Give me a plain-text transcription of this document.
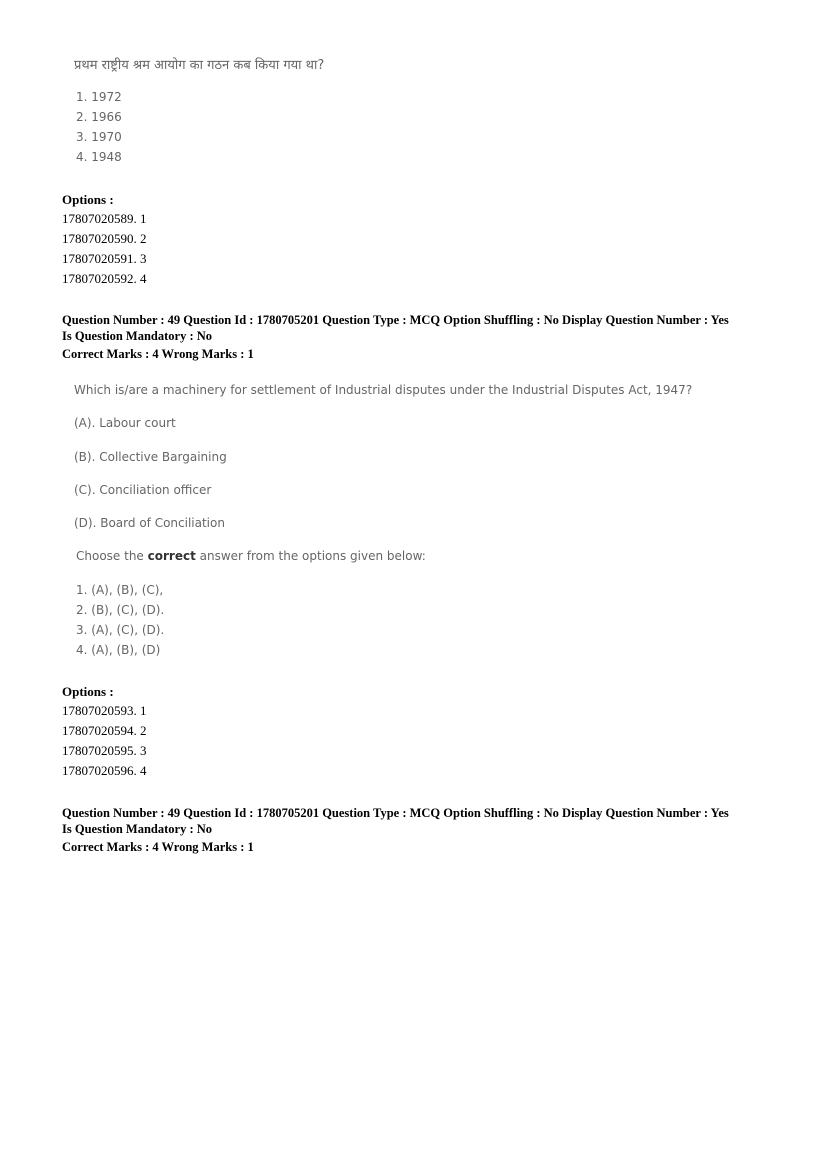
प्रथम राष्ट्रीय श्रम आयोग का गठन कब किया गया था?
1. 1972
2. 1966
3. 1970
4. 1948
Options :
17807020589. 1
17807020590. 2
17807020591. 3
17807020592. 4
Question Number : 49 Question Id : 1780705201 Question Type : MCQ Option Shuffling : No Display Question Number : Yes
Is Question Mandatory : No
Correct Marks : 4 Wrong Marks : 1
Which is/are a machinery for settlement of Industrial disputes under the Industrial Disputes Act, 1947?
(A). Labour court
(B). Collective Bargaining
(C). Conciliation officer
(D). Board of Conciliation
Choose the correct answer from the options given below:
1. (A), (B), (C),
2. (B), (C), (D).
3. (A), (C), (D).
4. (A), (B), (D)
Options :
17807020593. 1
17807020594. 2
17807020595. 3
17807020596. 4
Question Number : 49 Question Id : 1780705201 Question Type : MCQ Option Shuffling : No Display Question Number : Yes
Is Question Mandatory : No
Correct Marks : 4 Wrong Marks : 1
